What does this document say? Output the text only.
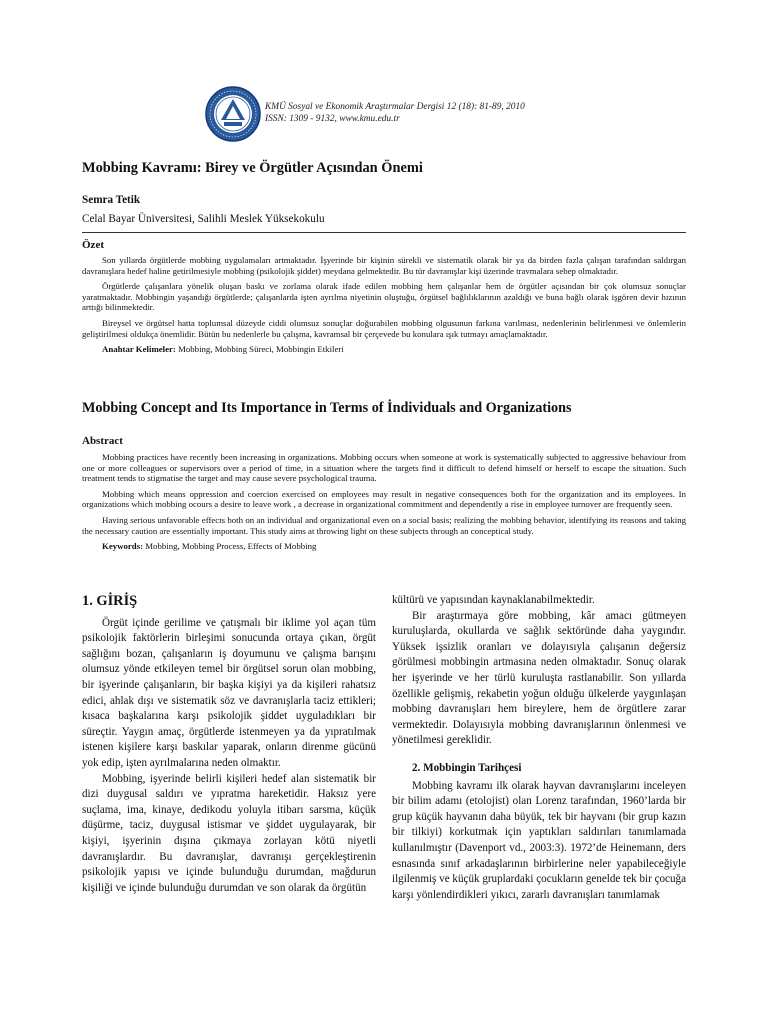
KMÜ Sosyal ve Ekonomik Araştırmalar Dergisi 12 (18): 81-89, 2010
ISSN: 1309 - 9132, www.kmu.edu.tr
Mobbing Kavramı: Birey ve Örgütler Açısından Önemi
Semra Tetik
Celal Bayar Üniversitesi, Salihli Meslek Yüksekokulu
Özet

Son yıllarda örgütlerde mobbing uygulamaları artmaktadır. İşyerinde bir kişinin sürekli ve sistematik olarak bir ya da birden fazla çalışan tarafından saldırgan davranışlara hedef haline getirilmesiyle mobbing (psikolojik şiddet) meydana gelmektedir. Bu tür davranışlar kişi üzerinde travmalara sebep olmaktadır.

Örgütlerde çalışanlara yönelik oluşan baskı ve zorlama olarak ifade edilen mobbing hem çalışanlar hem de örgütler açısından bir çok olumsuz sonuçlar yaratmaktadır. Mobbingin yaşandığı örgütlerde; çalışanlarda işten ayrılma niyetinin oluştuğu, örgütsel bağlılıklarının azaldığı ve buna bağlı olarak işgören devir hızının arttığı bilinmektedir.

Bireysel ve örgütsel hatta toplumsal düzeyde ciddi olumsuz sonuçlar doğurabilen mobbing olgusunun farkına varılması, nedenlerinin belirlenmesi ve önlemlerin geliştirilmesi oldukça önemlidir. Bütün bu nedenlerle bu çalışma, kavramsal bir çerçevede bu konulara ışık tutmayı amaçlamaktadır.

Anahtar Kelimeler: Mobbing, Mobbing Süreci, Mobbingin Etkileri
Mobbing Concept and Its Importance in Terms of İndividuals and Organizations
Abstract

Mobbing practices have recently been increasing in organizations. Mobbing occurs when someone at work is systematically subjected to aggressive behaviour from one or more colleagues or supervisors over a period of time, in a situation where the targets find it difficult to defend himself or herself to escape the situation. Such treatment tends to stigmatise the target and may cause severe psychological trauma.

Mobbing which means oppression and coercion exercised on employees may result in negative consequences both for the organization and its employees. In organizations which mobbing ocours a desire to leave work , a decrease in organizational commitment and dependently a rise in employee turnover are frequently seen.

Having serious unfavorable effects both on an individual and organizational even on a social basis; realizing the mobbing behavior, identifying its reasons and taking the necessary caution are essentially important. This study aims at throwing light on these subjects through an conceptical study.

Keywords: Mobbing, Mobbing Process, Effects of Mobbing
1. GİRİŞ

Örgüt içinde gerilime ve çatışmalı bir iklime yol açan tüm psikolojik faktörlerin birleşimi sonucunda ortaya çıkan, örgüt sağlığını bozan, çalışanların iş doyumunu ve çalışma barışını olumsuz yönde etkileyen temel bir örgütsel sorun olan mobbing, bir işyerinde çalışanların, bir başka kişiyi ya da kişileri rahatsız edici, ahlak dışı ve sistematik söz ve davranışlarla taciz ettikleri; kısaca başkalarına karşı psikolojik şiddet uyguladıkları bir süreçtir. Yaygın amaç, örgütlerde istenmeyen ya da yıpratılmak istenen kişilere karşı baskılar yaparak, onların direnme gücünü yok edip, işten ayrılmalarına neden olmaktır.

Mobbing, işyerinde belirli kişileri hedef alan sistematik bir dizi duygusal saldırı ve yıpratma hareketidir. Haksız yere suçlama, ima, kinaye, dedikodu yoluyla itibarı sarsma, küçük düşürme, taciz, duygusal istismar ve şiddet uygulayarak, bir kişiyi, işyerinin dışına çıkmaya zorlayan kötü niyetli davranışlardır. Bu davranışlar, davranışı gerçekleştirenin psikolojik yapısı ve içinde bulunduğu durumdan, mağdurun kişiliği ve içinde bulunduğu durumdan ve son olarak da örgütün

kültürü ve yapısından kaynaklanabilmektedir.

Bir araştırmaya göre mobbing, kâr amacı gütmeyen kuruluşlarda, okullarda ve sağlık sektöründe daha yaygındır. Yüksek işsizlik oranları ve dolayısıyla çalışanın değersiz görülmesi mobbingin artmasına neden olmaktadır. Sonuç olarak her işyerinde ve her türlü kuruluşta rastlanabilir. Son yıllarda özellikle gelişmiş, rekabetin yoğun olduğu ülkelerde yaygınlaşan mobbing davranışları hem bireylere, hem de örgütlere zarar vermektedir. Dolayısıyla mobbing davranışlarının önlenmesi ve yönetilmesi gereklidir.

2. Mobbingin Tarihçesi

Mobbing kavramı ilk olarak hayvan davranışlarını inceleyen bir bilim adamı (etolojist) olan Lorenz tarafından, 1960’larda bir grup küçük hayvanın daha büyük, tek bir hayvanı (bir grup kazın bir tilkiyi) korkutmak için yaptıkları saldırıları tanımlamada kullanılmıştır (Davenport vd., 2003:3). 1972’de Heinemann, ders esnasında sınıf arkadaşlarının birbirlerine neler yapabileceğiyle ilgilenmiş ve küçük gruplardaki çocukların genelde tek bir çocuğa karşı yönlendirdikleri yıkıcı, zararlı davranışları tanımlamak
